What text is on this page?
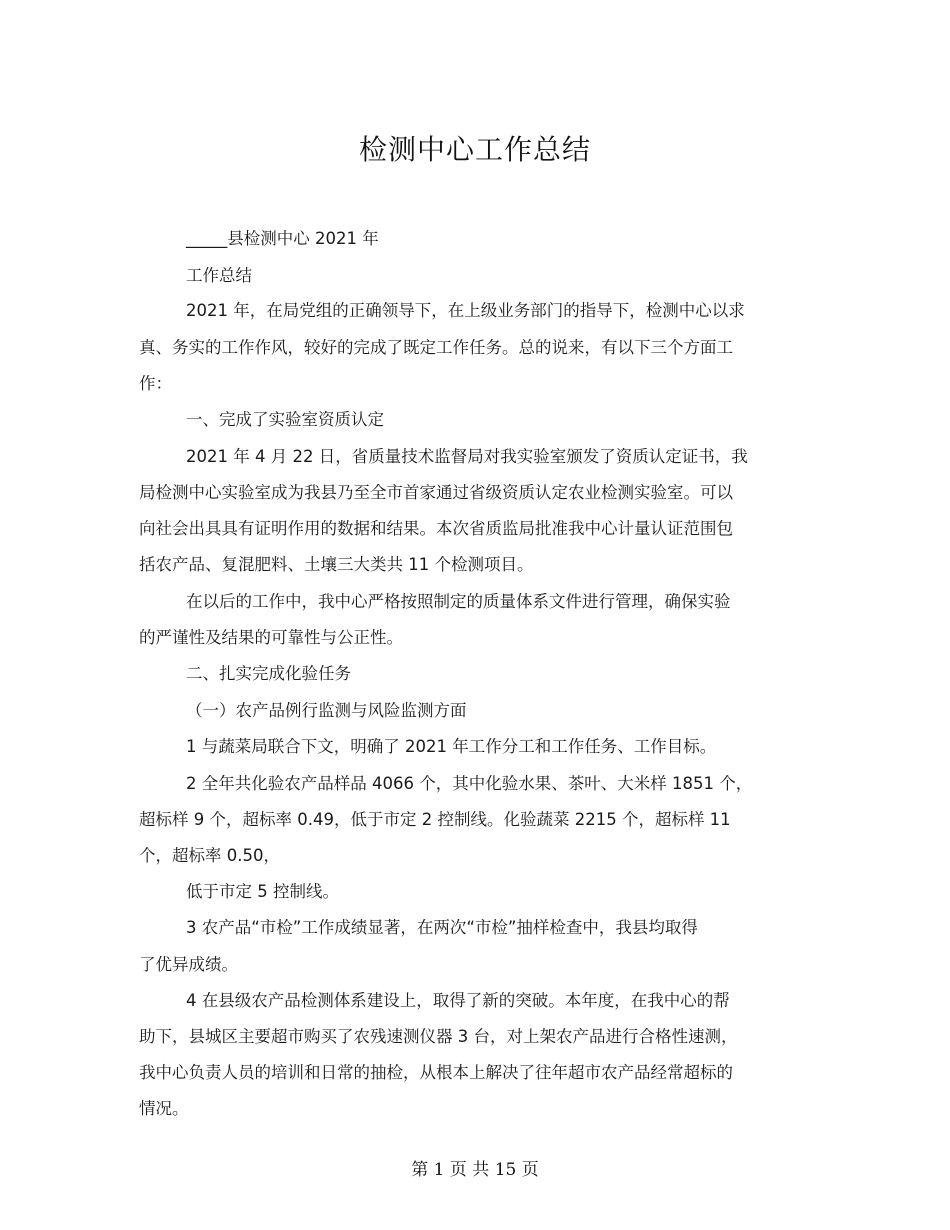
检测中心工作总结
_____县检测中心 2021 年
工作总结
2021 年，在局党组的正确领导下，在上级业务部门的指导下，检测中心以求
真、务实的工作作风，较好的完成了既定工作任务。总的说来，有以下三个方面工
作：
一、完成了实验室资质认定
2021 年 4 月 22 日，省质量技术监督局对我实验室颁发了资质认定证书，我
局检测中心实验室成为我县乃至全市首家通过省级资质认定农业检测实验室。可以
向社会出具具有证明作用的数据和结果。本次省质监局批准我中心计量认证范围包
括农产品、复混肥料、土壤三大类共 11 个检测项目。
在以后的工作中，我中心严格按照制定的质量体系文件进行管理，确保实验
的严谨性及结果的可靠性与公正性。
二、扎实完成化验任务
（一）农产品例行监测与风险监测方面
1 与蔬菜局联合下文，明确了 2021 年工作分工和工作任务、工作目标。
2 全年共化验农产品样品 4066 个，其中化验水果、茶叶、大米样 1851 个，
超标样 9 个，超标率 0.49，低于市定 2 控制线。化验蔬菜 2215 个，超标样 11
个，超标率 0.50，
低于市定 5 控制线。
3 农产品“市检”工作成绩显著，在两次“市检”抽样检查中，我县均取得
了优异成绩。
4 在县级农产品检测体系建设上，取得了新的突破。本年度，在我中心的帮
助下，县城区主要超市购买了农残速测仪器 3 台，对上架农产品进行合格性速测，
我中心负责人员的培训和日常的抽检，从根本上解决了往年超市农产品经常超标的
情况。
第 1 页 共 15 页
